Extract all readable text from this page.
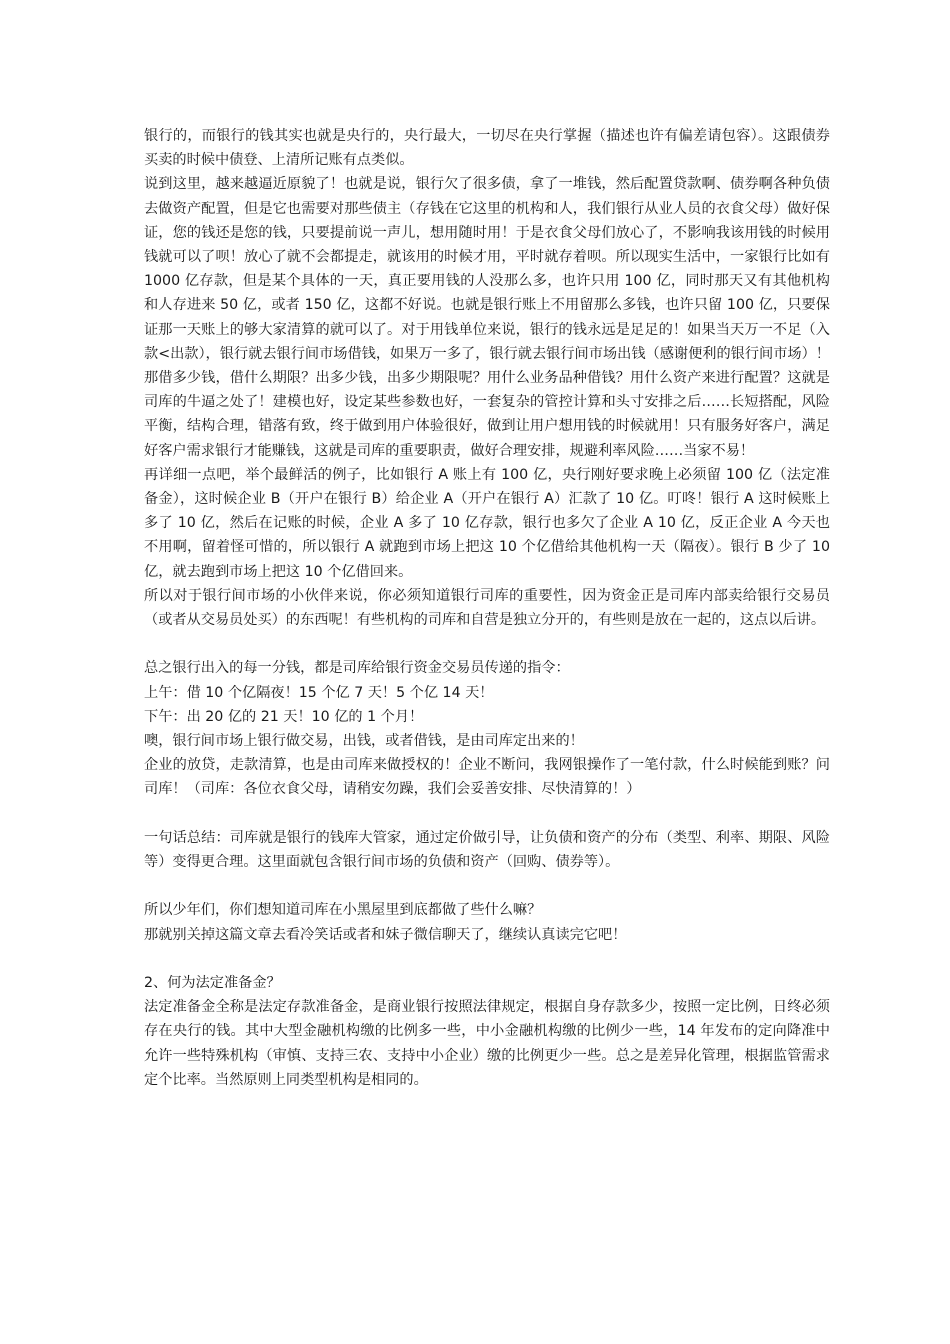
银行的，而银行的钱其实也就是央行的，央行最大，一切尽在央行掌握（描述也许有偏差请包容）。这跟债券买卖的时候中债登、上清所记账有点类似。

说到这里，越来越逼近原貌了！也就是说，银行欠了很多债，拿了一堆钱，然后配置贷款啊、债券啊各种负债去做资产配置，但是它也需要对那些债主（存钱在它这里的机构和人，我们银行从业人员的衣食父母）做好保证，您的钱还是您的钱，只要提前说一声儿，想用随时用！于是衣食父母们放心了，不影响我该用钱的时候用钱就可以了呗！放心了就不会都提走，就该用的时候才用，平时就存着呗。所以现实生活中，一家银行比如有 1000 亿存款，但是某个具体的一天，真正要用钱的人没那么多，也许只用 100 亿，同时那天又有其他机构和人存进来 50 亿，或者 150 亿，这都不好说。也就是银行账上不用留那么多钱，也许只留 100 亿，只要保证那一天账上的够大家清算的就可以了。对于用钱单位来说，银行的钱永远是足足的！如果当天万一不足（入款<出款），银行就去银行间市场借钱，如果万一多了，银行就去银行间市场出钱（感谢便利的银行间市场）！那借多少钱，借什么期限？出多少钱，出多少期限呢？用什么业务品种借钱？用什么资产来进行配置？这就是司库的牛逼之处了！建模也好，设定某些参数也好，一套复杂的管控计算和头寸安排之后……长短搭配，风险平衡，结构合理，错落有致，终于做到用户体验很好，做到让用户想用钱的时候就用！只有服务好客户，满足好客户需求银行才能赚钱，这就是司库的重要职责，做好合理安排，规避利率风险……当家不易！

再详细一点吧，举个最鲜活的例子，比如银行 A 账上有 100 亿，央行刚好要求晚上必须留 100 亿（法定准备金），这时候企业 B（开户在银行 B）给企业 A（开户在银行 A）汇款了 10 亿。叮咚！银行 A 这时候账上多了 10 亿，然后在记账的时候，企业 A 多了 10 亿存款，银行也多欠了企业 A 10 亿，反正企业 A 今天也不用啊，留着怪可惜的，所以银行 A 就跑到市场上把这 10 个亿借给其他机构一天（隔夜）。银行 B 少了 10 亿，就去跑到市场上把这 10 个亿借回来。

所以对于银行间市场的小伙伴来说，你必须知道银行司库的重要性，因为资金正是司库内部卖给银行交易员（或者从交易员处买）的东西呢！有些机构的司库和自营是独立分开的，有些则是放在一起的，这点以后讲。

总之银行出入的每一分钱，都是司库给银行资金交易员传递的指令：

上午：借 10 个亿隔夜！15 个亿 7 天！5 个亿 14 天！

下午：出 20 亿的 21 天！10 亿的 1 个月！

噢，银行间市场上银行做交易，出钱，或者借钱，是由司库定出来的！

企业的放贷，走款清算，也是由司库来做授权的！企业不断问，我网银操作了一笔付款，什么时候能到账？问司库！（司库：各位衣食父母，请稍安勿躁，我们会妥善安排、尽快清算的！）

一句话总结：司库就是银行的钱库大管家，通过定价做引导，让负债和资产的分布（类型、利率、期限、风险等）变得更合理。这里面就包含银行间市场的负债和资产（回购、债券等）。

所以少年们，你们想知道司库在小黑屋里到底都做了些什么嘛？

那就别关掉这篇文章去看冷笑话或者和妹子微信聊天了，继续认真读完它吧！

2、何为法定准备金？

法定准备金全称是法定存款准备金，是商业银行按照法律规定，根据自身存款多少，按照一定比例，日终必须存在央行的钱。其中大型金融机构缴的比例多一些，中小金融机构缴的比例少一些，14 年发布的定向降准中允许一些特殊机构（审慎、支持三农、支持中小企业）缴的比例更少一些。总之是差异化管理，根据监管需求定个比率。当然原则上同类型机构是相同的。
